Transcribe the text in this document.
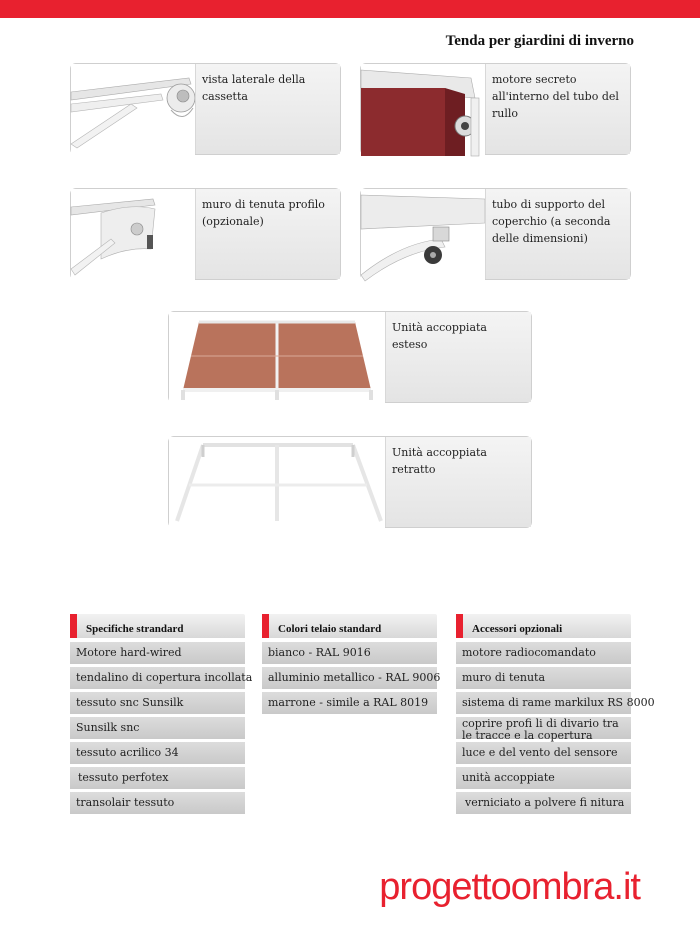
Tenda per giardini di inverno
vista laterale della cassetta
motore secreto all'interno del tubo del rullo
muro di tenuta profilo (opzionale)
tubo di supporto del coperchio (a seconda delle dimensioni)
Unità accoppiata esteso
Unità accoppiata retratto
Specifiche strandard
Motore hard-wired
tendalino di copertura incollata
tessuto snc Sunsilk
Sunsilk snc
tessuto acrilico 34
tessuto perfotex
transolair tessuto
Colori telaio standard
bianco - RAL 9016
alluminio metallico - RAL 9006
marrone - simile a RAL 8019
Accessori opzionali
motore radiocomandato
muro di tenuta
sistema di rame markilux RS 8000
coprire profi li di divario tra le tracce e la copertura
luce e del vento del sensore
unità accoppiate
verniciato a polvere fi nitura
progettoombra.it
